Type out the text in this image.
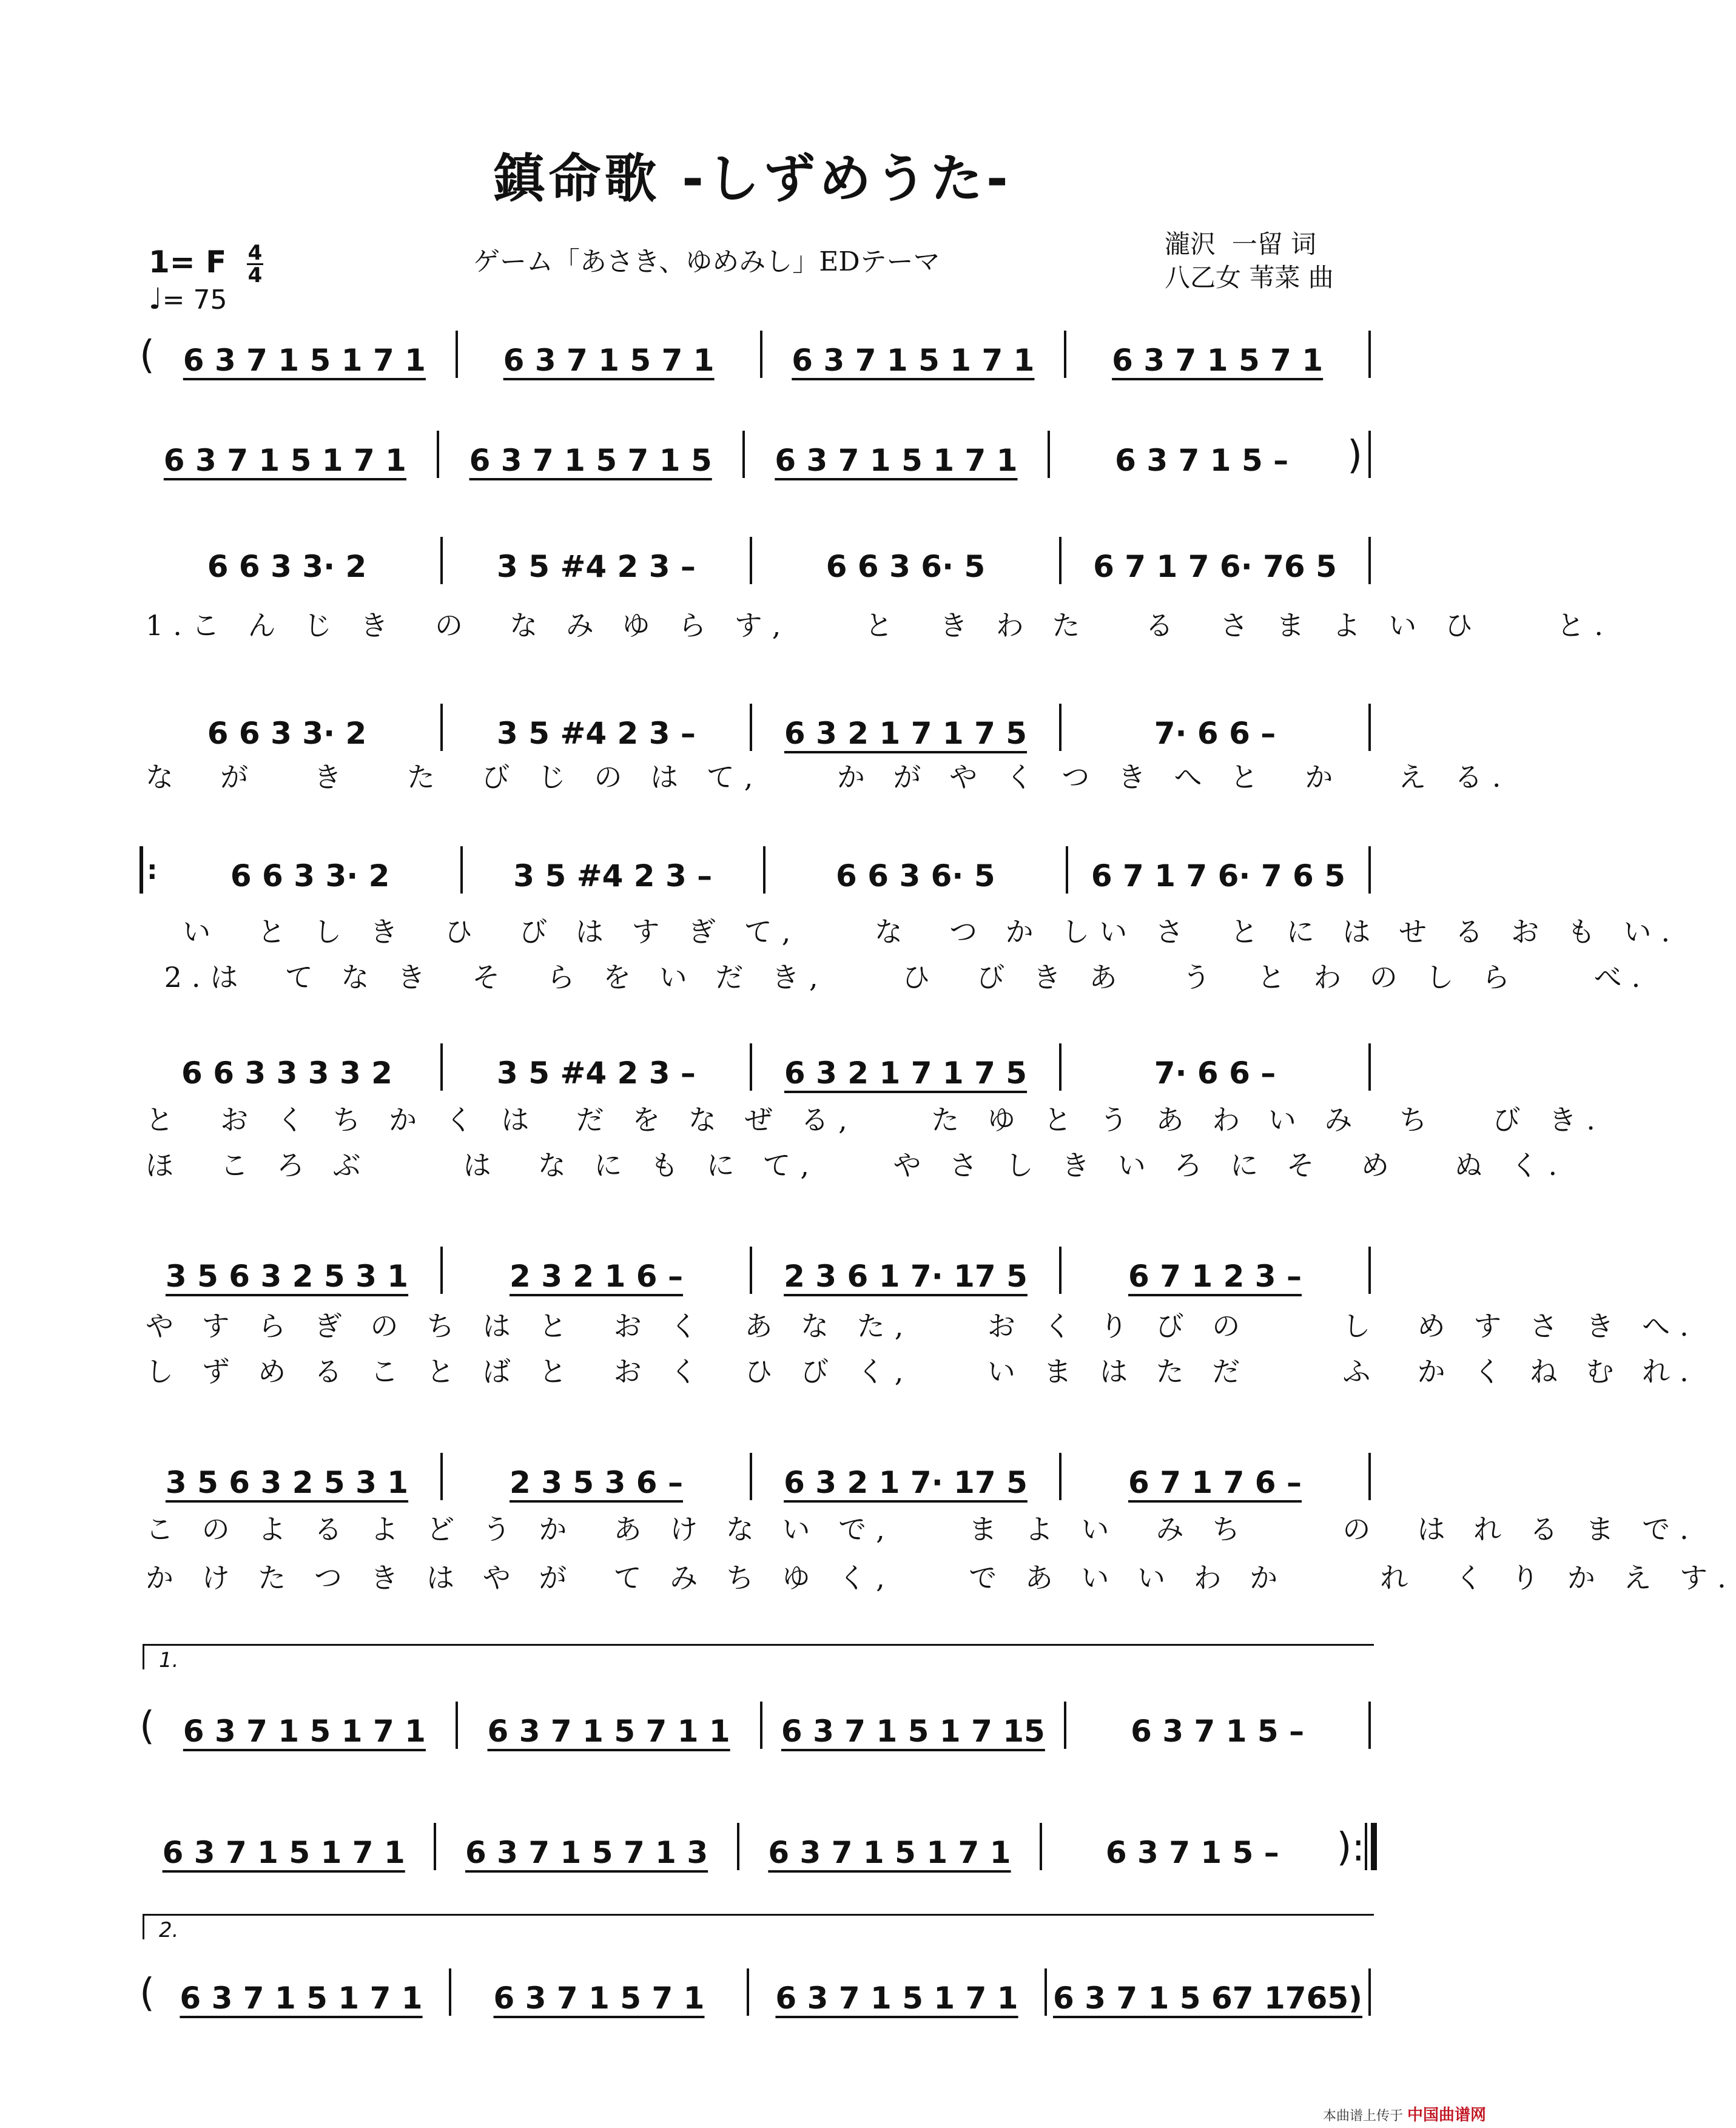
鎮命歌 -しずめうた-
1= F $\frac{4}{4}$
♩= 75
ゲーム「あさき、ゆめみし」EDテーマ
瀧沢  一留 词
八乙女 苇菜 曲
( 6 3 7 1 5 1 7 1	6 3 7 1 5 7 1	6 3 7 1 5 1 7 1	6 3 7 1 5 7 1
6 3 7 1 5 1 7 1	6 3 7 1 5 7 1 5	6 3 7 1 5 1 7 1	6 3 7 1 5 –	)
6 6 3 3· 2	3 5 #4 2 3 –	6 6 3 6· 5	6 7 1 7 6· 76 5
1.こ ん じ き  の  な み ゆ ら す,    と  き わ た   る  さ ま よ い ひ    と.
6 6 3 3· 2	3 5 #4 2 3 –	6 3 2 1 7 1 7 5	7· 6 6 –
な  が   き   た  び じ の は て,    か が や く つ き へ と  か   え る.
:	6 6 3 3· 2	3 5 #4 2 3 –	6 6 3 6· 5	6 7 1 7 6· 7 6 5
い  と し き  ひ  び は す ぎ て,    な  つ か しい さ  と に は せ る お も い.
2.は  て な き  そ  ら を い だ き,    ひ  び き あ   う  と わ の し ら    べ.
6 6 3 3 3 3 2	3 5 #4 2 3 –	6 3 2 1 7 1 7 5	7· 6 6 –
と  お く ち か く は  だ を な ぜ る,    た ゆ と う あ わ い み  ち   び き.
ほ  こ ろ ぶ     は  な に も に て,    や さ し き い ろ に そ  め   ぬ く.
3 5 6 3 2 5 3 1	2 3 2 1 6 –	2 3 6 1 7· 17 5	6 7 1 2 3 –
や す ら ぎ の ち は と  お く  あ な た,    お く り び の     し  め す さ き へ.
し ず め る こ と ば と  お く  ひ び く,    い ま は た だ     ふ  か く ね む れ.
3 5 6 3 2 5 3 1	2 3 5 3 6 –	6 3 2 1 7· 17 5	6 7 1 7 6 –
こ の よ る よ ど う か  あ け な い で,    ま よ い  み ち     の  は れ る ま で.
か け た つ き は や が  て み ち ゆ く,    で あ い い わ か     れ  く り か え す.
1.
( 6 3 7 1 5 1 7 1	6 3 7 1 5 7 1 1	6 3 7 1 5 1 7 15	6 3 7 1 5 –
6 3 7 1 5 1 7 1	6 3 7 1 5 7 1 3	6 3 7 1 5 1 7 1	6 3 7 1 5 –	):
2.
( 6 3 7 1 5 1 7 1	6 3 7 1 5 7 1	6 3 7 1 5 1 7 1	6 3 7 1 5 67 1765)
本曲谱上传于 中国曲谱网
